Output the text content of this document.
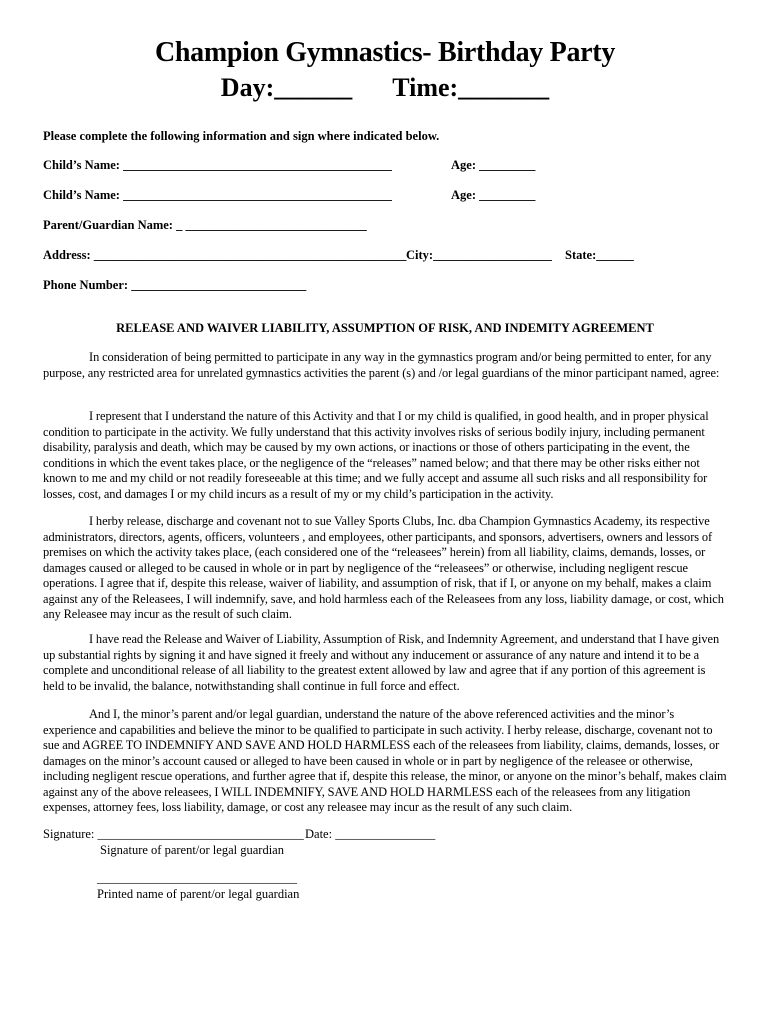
Champion Gymnastics- Birthday Party
Day:______ Time:_______
Please complete the following information and sign where indicated below.
Child’s Name: ___________________________________________	Age: _________
Child’s Name: ___________________________________________	Age: _________
Parent/Guardian Name: _ _____________________________
Address: __________________________________________________ City:___________________ State:______
Phone Number: ____________________________
RELEASE AND WAIVER LIABILITY, ASSUMPTION OF RISK, AND INDEMITY AGREEMENT

In consideration of being permitted to participate in any way in the gymnastics program and/or being permitted to enter, for any purpose, any restricted area for unrelated gymnastics activities the parent (s) and /or legal guardians of the minor participant named, agree:

I represent that I understand the nature of this Activity and that I or my child is qualified, in good health, and in proper physical condition to participate in the activity. We fully understand that this activity involves risks of serious bodily injury, including permanent disability, paralysis and death, which may be caused by my own actions, or inactions or those of others participating in the event, the conditions in which the event takes place, or the negligence of the “releases” named below; and that there may be other risks either not known to me and my child or not readily foreseeable at this time; and we fully accept and assume all such risks and all responsibility for losses, cost, and damages I or my child incurs as a result of my or my child’s participation in the activity.

I herby release, discharge and covenant not to sue Valley Sports Clubs, Inc. dba Champion Gymnastics Academy, its respective administrators, directors, agents, officers, volunteers , and employees, other participants, and sponsors, advertisers, owners and lessors of premises on which the activity takes place, (each considered one of the “releasees” herein) from all liability, claims, demands, losses, or damages caused or alleged to be caused in whole or in part by negligence of the “releasees” or otherwise, including negligent rescue operations. I agree that if, despite this release, waiver of liability, and assumption of risk, that if I, or anyone on my behalf, makes a claim against any of the Releasees, I will indemnify, save, and hold harmless each of the Releasees from any loss, liability damage, or cost, which any Releasee may incur as the result of such claim.

I have read the Release and Waiver of Liability, Assumption of Risk, and Indemnity Agreement, and understand that I have given up substantial rights by signing it and have signed it freely and without any inducement or assurance of any nature and intend it to be a complete and unconditional release of all liability to the greatest extent allowed by law and agree that if any portion of this agreement is held to be invalid, the balance, notwithstanding shall continue in full force and effect.

And I, the minor’s parent and/or legal guardian, understand the nature of the above referenced activities and the minor’s experience and capabilities and believe the minor to be qualified to participate in such activity. I herby release, discharge, covenant not to sue and AGREE TO INDEMNIFY AND SAVE AND HOLD HARMLESS each of the releasees from liability, claims, demands, losses, or damages on the minor’s account caused or alleged to have been caused in whole or in part by negligence of the releasee or otherwise, including negligent rescue operations, and further agree that if, despite this release, the minor, or anyone on the minor’s behalf, makes claim against any of the above releasees, I WILL INDEMNIFY, SAVE AND HOLD HARMLESS each of the releasees from any litigation expenses, attorney fees, loss liability, damage, or cost any releasee may incur as the result of any such claim.

Signature: _________________________________ Date: ________________
Signature of parent/or legal guardian
________________________________
Printed name of parent/or legal guardian
